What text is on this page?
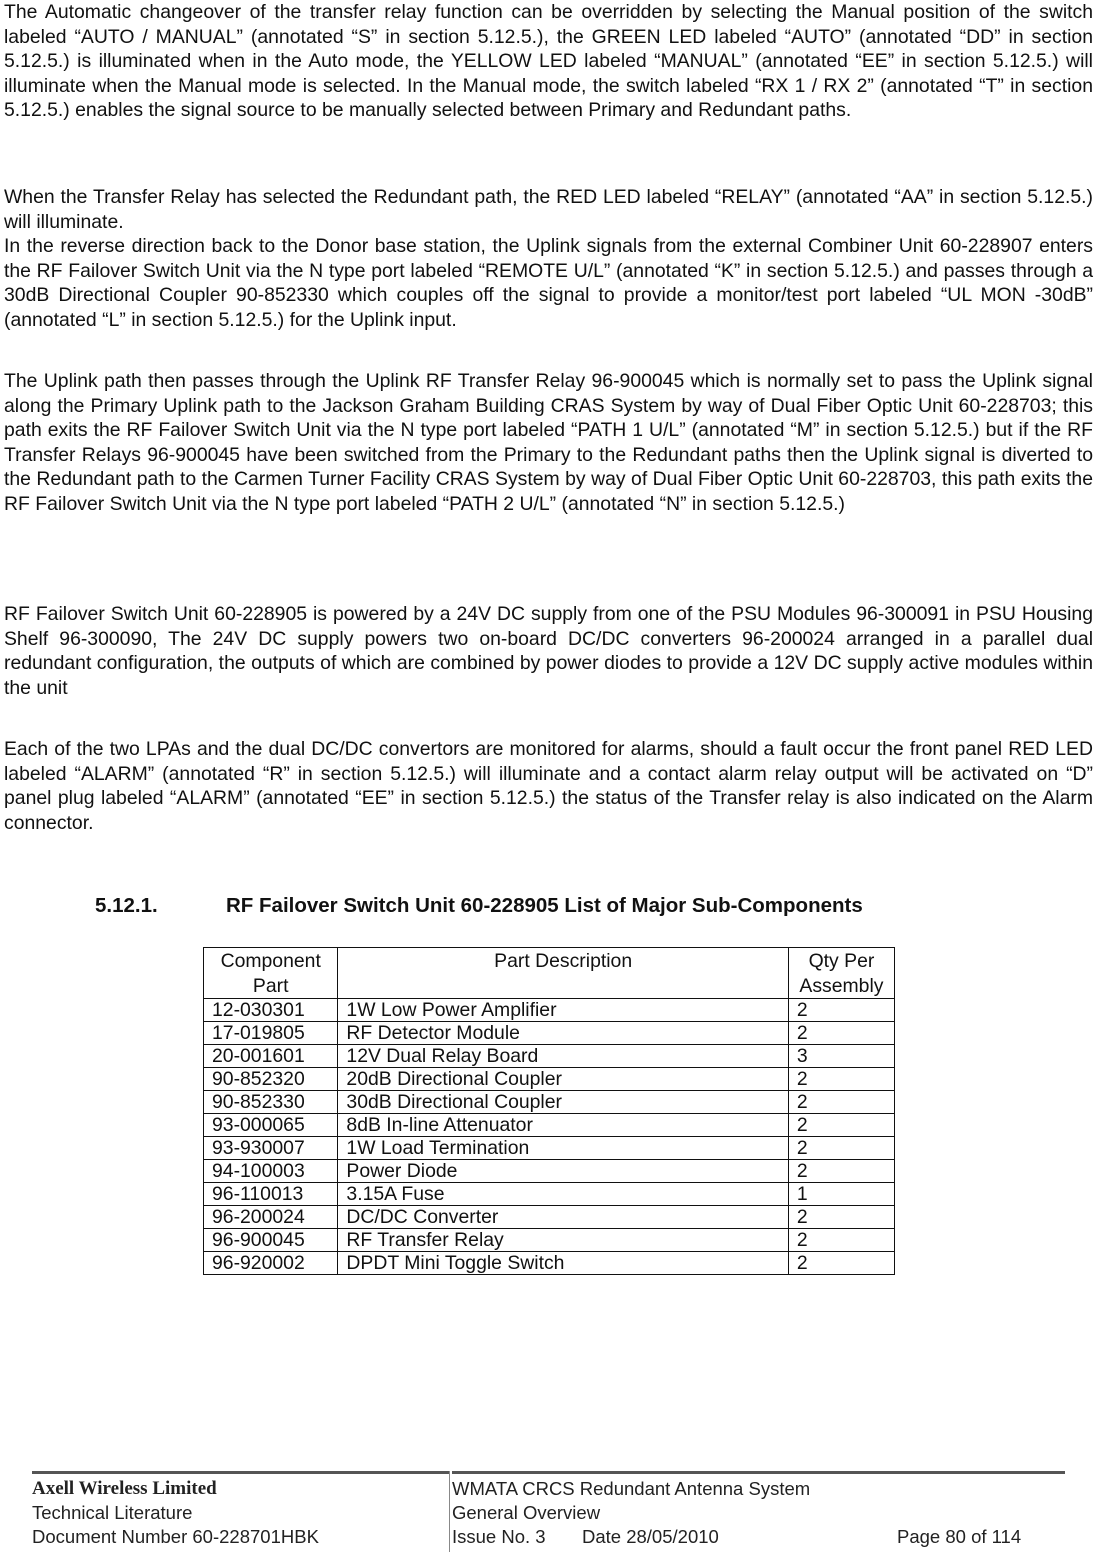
The Automatic changeover of the transfer relay function can be overridden by selecting the Manual position of the switch labeled “AUTO / MANUAL” (annotated “S” in section 5.12.5.), the GREEN LED labeled “AUTO” (annotated “DD” in section 5.12.5.) is illuminated when in the Auto mode, the YELLOW LED labeled “MANUAL” (annotated “EE” in section 5.12.5.) will illuminate when the Manual mode is selected. In the Manual mode, the switch labeled “RX 1 / RX 2” (annotated “T” in section 5.12.5.) enables the signal source to be manually selected between Primary and Redundant paths.

When the Transfer Relay has selected the Redundant path, the RED LED labeled “RELAY” (annotated “AA” in section 5.12.5.) will illuminate.

In the reverse direction back to the Donor base station, the Uplink signals from the external Combiner Unit 60-228907 enters the RF Failover Switch Unit via the N type port labeled “REMOTE U/L” (annotated “K” in section 5.12.5.) and passes through a 30dB Directional Coupler 90-852330 which couples off the signal to provide a monitor/test port labeled “UL MON -30dB” (annotated “L” in section 5.12.5.) for the Uplink input.

The Uplink path then passes through the Uplink RF Transfer Relay 96-900045 which is normally set to pass the Uplink signal along the Primary Uplink path to the Jackson Graham Building CRAS System by way of Dual Fiber Optic Unit 60-228703; this path exits the RF Failover Switch Unit via the N type port labeled “PATH 1 U/L” (annotated “M” in section 5.12.5.) but if the RF Transfer Relays 96-900045 have been switched from the Primary to the Redundant paths then the Uplink signal is diverted to the Redundant path to the Carmen Turner Facility CRAS System by way of Dual Fiber Optic Unit 60-228703, this path exits the RF Failover Switch Unit via the N type port labeled “PATH 2 U/L” (annotated “N” in section 5.12.5.)

RF Failover Switch Unit 60-228905 is powered by a 24V DC supply from one of the PSU Modules 96-300091 in PSU Housing Shelf 96-300090, The 24V DC supply powers two on-board DC/DC converters 96-200024 arranged in a parallel dual redundant configuration, the outputs of which are combined by power diodes to provide a 12V DC supply active modules within the unit

Each of the two LPAs and the dual DC/DC convertors are monitored for alarms, should a fault occur the front panel RED LED labeled “ALARM” (annotated “R” in section 5.12.5.) will illuminate and a contact alarm relay output will be activated on “D” panel plug labeled “ALARM” (annotated “EE” in section 5.12.5.) the status of the Transfer relay is also indicated on the Alarm connector.

5.12.1.	RF Failover Switch Unit 60-228905 List of Major Sub-Components
Component
Part	Part Description	Qty Per
Assembly
12-030301	1W Low Power Amplifier	2
17-019805	RF Detector Module	2
20-001601	12V Dual Relay Board	3
90-852320	20dB Directional Coupler	2
90-852330	30dB Directional Coupler	2
93-000065	8dB In-line Attenuator	2
93-930007	1W Load Termination	2
94-100003	Power Diode	2
96-110013	3.15A Fuse	1
96-200024	DC/DC Converter	2
96-900045	RF Transfer Relay	2
96-920002	DPDT Mini Toggle Switch	2
Axell Wireless Limited
Technical Literature
Document Number 60-228701HBK
WMATA CRCS Redundant Antenna System
General Overview
Issue No. 3 Date 28/05/2010	Page 80 of 114
